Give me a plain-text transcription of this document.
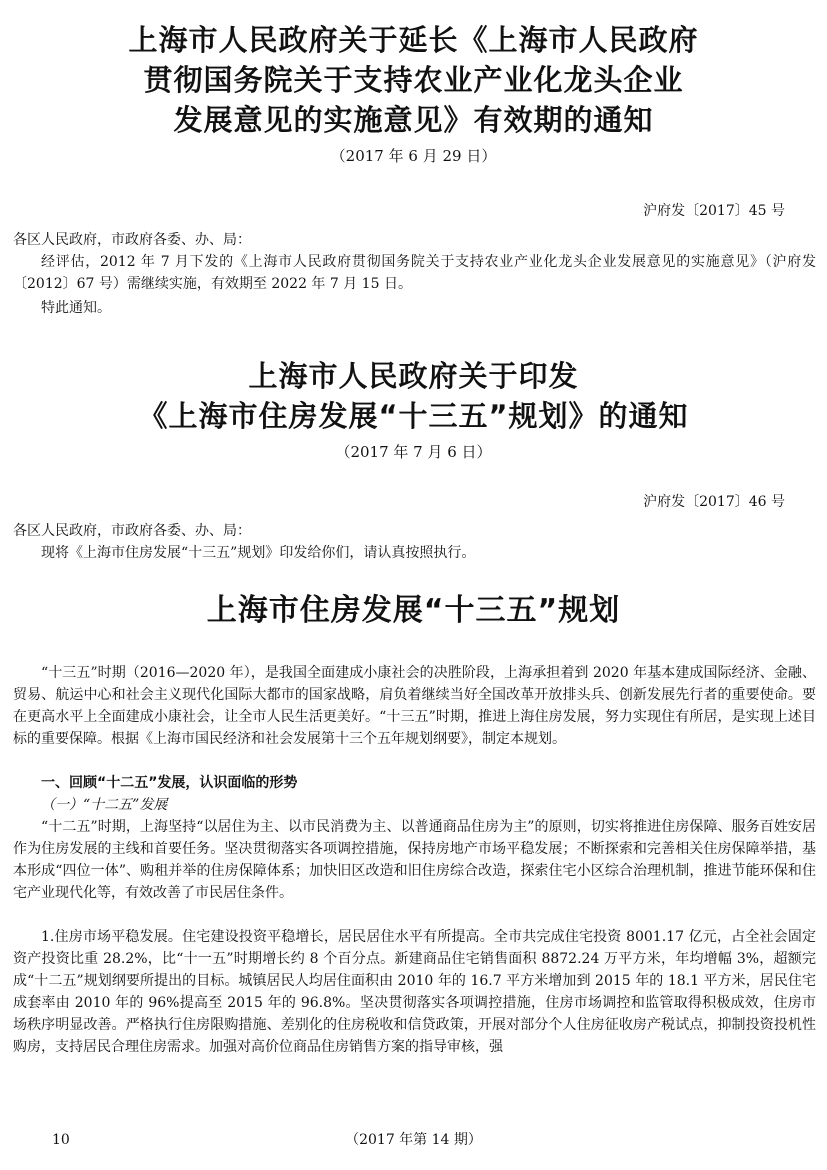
上海市人民政府关于延长《上海市人民政府
贯彻国务院关于支持农业产业化龙头企业
发展意见的实施意见》有效期的通知
（2017 年 6 月 29 日）
沪府发〔2017〕45 号
各区人民政府，市政府各委、办、局：

经评估，2012 年 7 月下发的《上海市人民政府贯彻国务院关于支持农业产业化龙头企业发展意见的实施意见》（沪府发〔2012〕67 号）需继续实施，有效期至 2022 年 7 月 15 日。

特此通知。
上海市人民政府关于印发
《上海市住房发展“十三五”规划》的通知
（2017 年 7 月 6 日）
沪府发〔2017〕46 号
各区人民政府，市政府各委、办、局：
现将《上海市住房发展“十三五”规划》印发给你们，请认真按照执行。
上海市住房发展“十三五”规划

“十三五”时期（2016—2020 年），是我国全面建成小康社会的决胜阶段，上海承担着到 2020 年基本建成国际经济、金融、贸易、航运中心和社会主义现代化国际大都市的国家战略，肩负着继续当好全国改革开放排头兵、创新发展先行者的重要使命。要在更高水平上全面建成小康社会，让全市人民生活更美好。“十三五”时期，推进上海住房发展，努力实现住有所居，是实现上述目标的重要保障。根据《上海市国民经济和社会发展第十三个五年规划纲要》，制定本规划。

一、回顾“十二五”发展，认识面临的形势
（一）“十二五”发展

“十二五”时期，上海坚持“以居住为主、以市民消费为主、以普通商品住房为主”的原则，切实将推进住房保障、服务百姓安居作为住房发展的主线和首要任务。坚决贯彻落实各项调控措施，保持房地产市场平稳发展；不断探索和完善相关住房保障举措，基本形成“四位一体”、购租并举的住房保障体系；加快旧区改造和旧住房综合改造，探索住宅小区综合治理机制，推进节能环保和住宅产业现代化等，有效改善了市民居住条件。

1.住房市场平稳发展。住宅建设投资平稳增长，居民居住水平有所提高。全市共完成住宅投资 8001.17 亿元，占全社会固定资产投资比重 28.2%，比“十一五”时期增长约 8 个百分点。新建商品住宅销售面积 8872.24 万平方米，年均增幅 3%，超额完成“十二五”规划纲要所提出的目标。城镇居民人均居住面积由 2010 年的 16.7 平方米增加到 2015 年的 18.1 平方米，居民住宅成套率由 2010 年的 96%提高至 2015 年的 96.8%。坚决贯彻落实各项调控措施，住房市场调控和监管取得积极成效，住房市场秩序明显改善。严格执行住房限购措施、差别化的住房税收和信贷政策，开展对部分个人住房征收房产税试点，抑制投资投机性购房，支持居民合理住房需求。加强对高价位商品住房销售方案的指导审核，强

10	（2017 年第 14 期）
